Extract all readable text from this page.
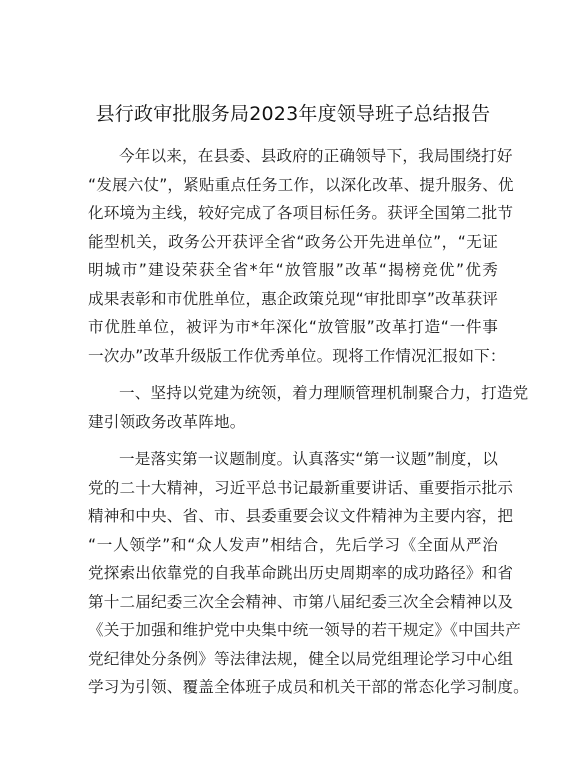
县行政审批服务局2023年度领导班子总结报告
今年以来，在县委、县政府的正确领导下，我局围绕打好
“发展六仗”，紧贴重点任务工作，以深化改革、提升服务、优
化环境为主线，较好完成了各项目标任务。获评全国第二批节
能型机关，政务公开获评全省“政务公开先进单位”，“无证
明城市”建设荣获全省*年“放管服”改革“揭榜竞优”优秀
成果表彰和市优胜单位，惠企政策兑现“审批即享”改革获评
市优胜单位，被评为市*年深化“放管服”改革打造“一件事
一次办”改革升级版工作优秀单位。现将工作情况汇报如下：
一、坚持以党建为统领，着力理顺管理机制聚合力，打造党
建引领政务改革阵地。
一是落实第一议题制度。认真落实“第一议题”制度，以
党的二十大精神，习近平总书记最新重要讲话、重要指示批示
精神和中央、省、市、县委重要会议文件精神为主要内容，把
“一人领学”和“众人发声”相结合，先后学习《全面从严治
党探索出依靠党的自我革命跳出历史周期率的成功路径》和省
第十二届纪委三次全会精神、市第八届纪委三次全会精神以及
《关于加强和维护党中央集中统一领导的若干规定》《中国共产
党纪律处分条例》等法律法规，健全以局党组理论学习中心组
学习为引领、覆盖全体班子成员和机关干部的常态化学习制度。
